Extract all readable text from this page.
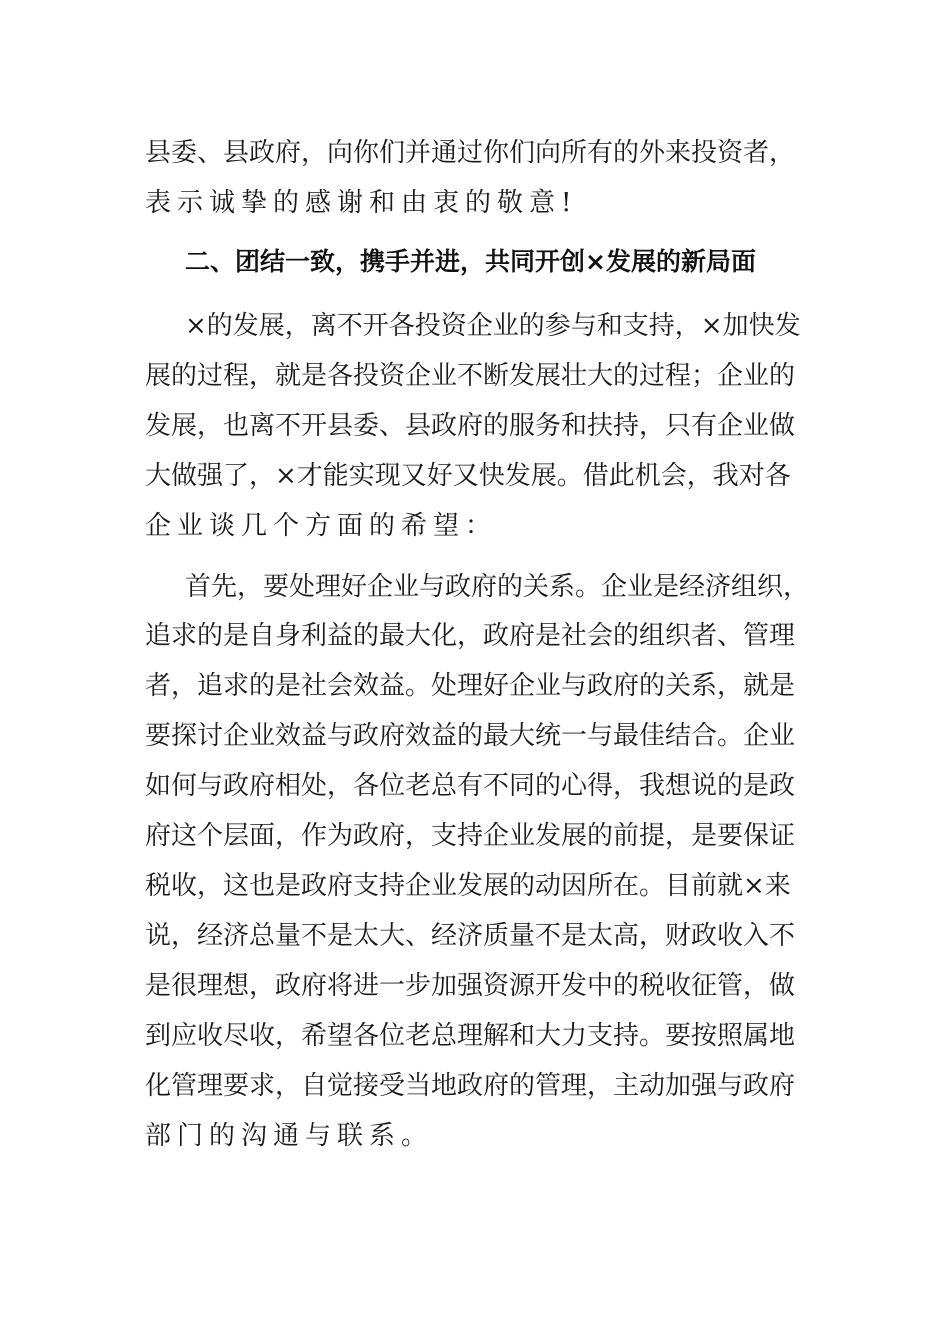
县委、县政府，向你们并通过你们向所有的外来投资者，
表示诚挚的感谢和由衷的敬意!
二、团结一致，携手并进，共同开创×发展的新局面
×的发展，离不开各投资企业的参与和支持，×加快发
展的过程，就是各投资企业不断发展壮大的过程；企业的
发展，也离不开县委、县政府的服务和扶持，只有企业做
大做强了，×才能实现又好又快发展。借此机会，我对各
企业谈几个方面的希望：
首先，要处理好企业与政府的关系。企业是经济组织，
追求的是自身利益的最大化，政府是社会的组织者、管理
者，追求的是社会效益。处理好企业与政府的关系，就是
要探讨企业效益与政府效益的最大统一与最佳结合。企业
如何与政府相处，各位老总有不同的心得，我想说的是政
府这个层面，作为政府，支持企业发展的前提，是要保证
税收，这也是政府支持企业发展的动因所在。目前就×来
说，经济总量不是太大、经济质量不是太高，财政收入不
是很理想，政府将进一步加强资源开发中的税收征管，做
到应收尽收，希望各位老总理解和大力支持。要按照属地
化管理要求，自觉接受当地政府的管理，主动加强与政府
部门的沟通与联系。
